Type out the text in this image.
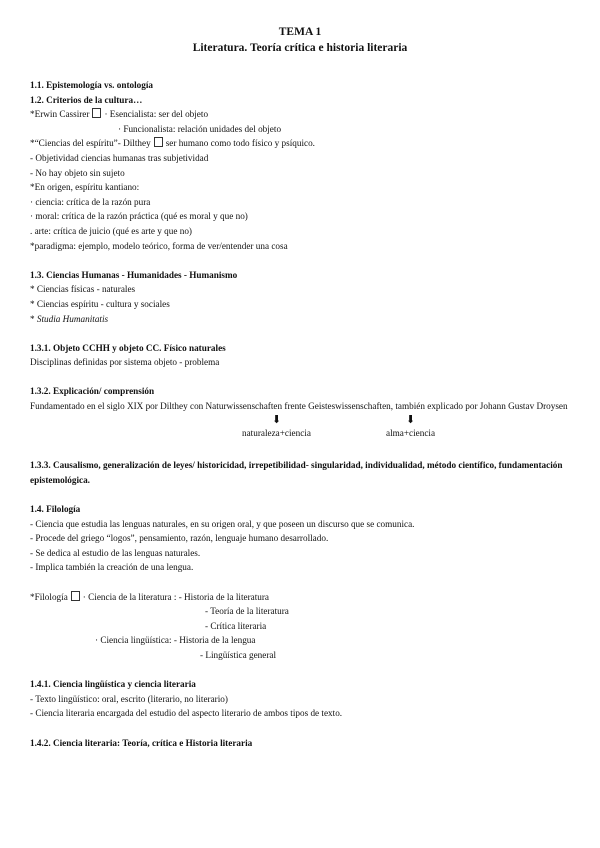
TEMA 1
Literatura. Teoría crítica e historia literaria
1.1. Epistemología vs. ontología
1.2. Criterios de la cultura…
*Erwin Cassirer · Esencialista: ser del objeto
· Funcionalista: relación unidades del objeto
*“Ciencias del espíritu”- Dilthey ser humano como todo físico y psíquico.
- Objetividad ciencias humanas tras subjetividad
- No hay objeto sin sujeto
*En origen, espíritu kantiano:
· ciencia: crítica de la razón pura
· moral: crítica de la razón práctica (qué es moral y que no)
. arte: crítica de juicio (qué es arte y que no)
*paradigma: ejemplo, modelo teórico, forma de ver/entender una cosa
1.3. Ciencias Humanas - Humanidades - Humanismo
* Ciencias físicas - naturales
* Ciencias espíritu - cultura y sociales
* Studia Humanitatis
1.3.1. Objeto CCHH y objeto CC. Físico naturales
Disciplinas definidas por sistema objeto - problema
1.3.2. Explicación/ comprensión
Fundamentado en el siglo XIX por Dilthey con Naturwissenschaften frente Geisteswissenschaften, también explicado por Johann Gustav Droysen
⬇
naturaleza+ciencia
⬇
alma+ciencia
1.3.3. Causalismo, generalización de leyes/ historicidad, irrepetibilidad- singularidad, individualidad, método científico, fundamentación epistemológica.
1.4. Filología
- Ciencia que estudia las lenguas naturales, en su origen oral, y que poseen un discurso que se comunica.
- Procede del griego “logos”, pensamiento, razón, lenguaje humano desarrollado.
- Se dedica al estudio de las lenguas naturales.
- Implica también la creación de una lengua.
*Filología · Ciencia de la literatura : - Historia de la literatura
- Teoría de la literatura
- Crítica literaria
· Ciencia lingüística: - Historia de la lengua
- Lingüística general
1.4.1. Ciencia lingüística y ciencia literaria
- Texto lingüístico: oral, escrito (literario, no literario)
- Ciencia literaria encargada del estudio del aspecto literario de ambos tipos de texto.
1.4.2. Ciencia literaria: Teoría, crítica e Historia literaria
